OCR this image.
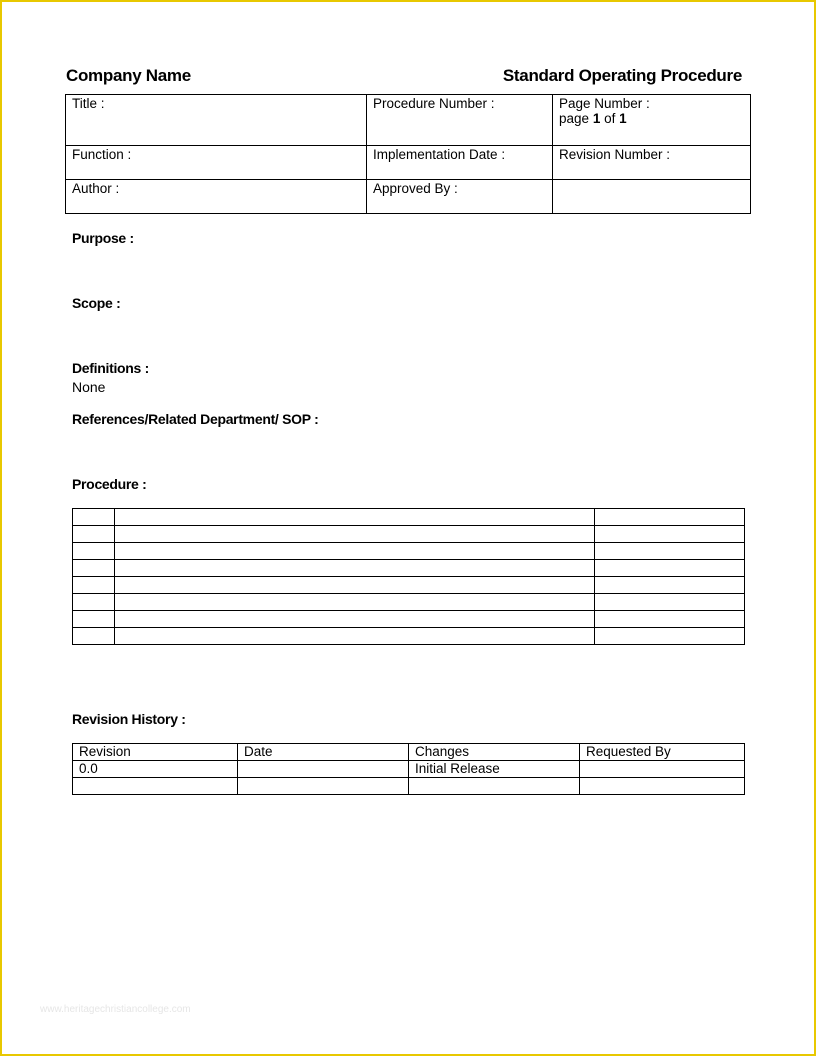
Company Name	Standard Operating Procedure
Title :	Procedure Number :	Page Number :
page 1 of 1

Function :	Implementation Date :	Revision Number :
Author :	Approved By :	
Purpose :
Scope :
Definitions :
None
References/Related Department/ SOP :
Procedure :

Revision History :
Revision	Date	Changes	Requested By
0.0		Initial Release	

www.heritagechristiancollege.com
